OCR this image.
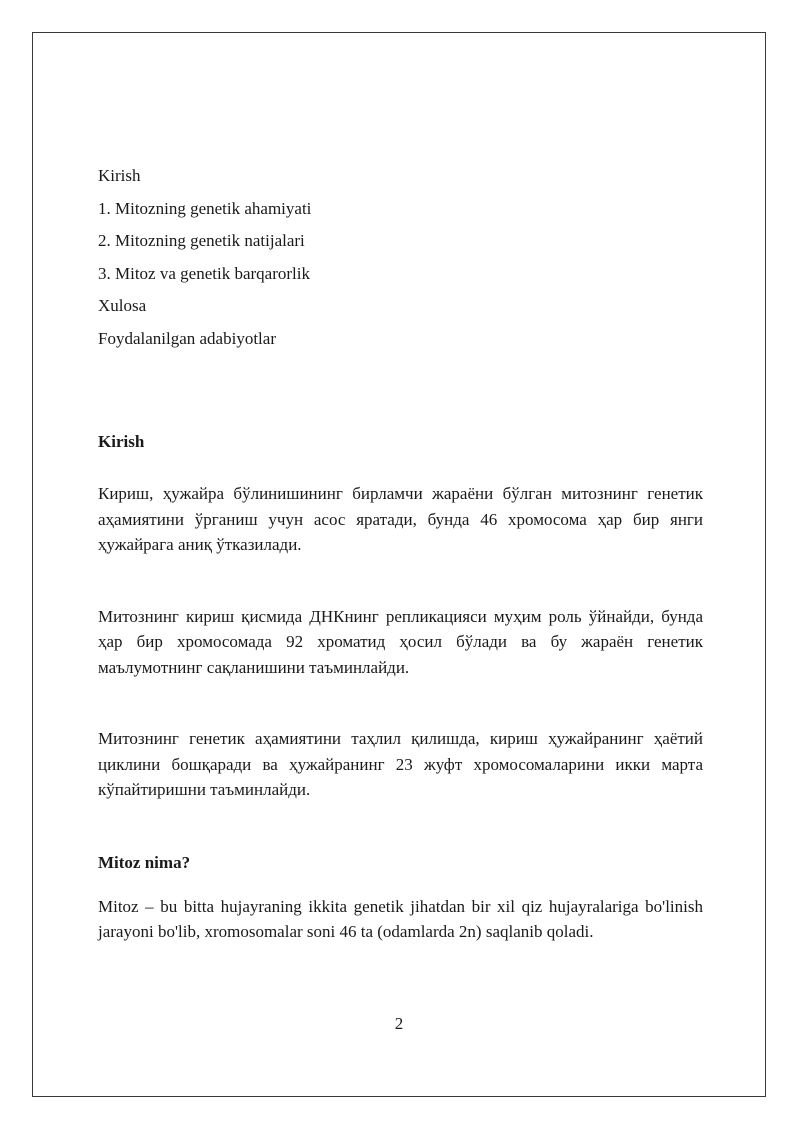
Kirish

1. Mitozning genetik ahamiyati

2. Mitozning genetik natijalari

3. Mitoz va genetik barqarorlik

Xulosa

Foydalanilgan adabiyotlar

Kirish

Кириш, ҳужайра бўлинишининг бирламчи жараёни бўлган митознинг генетик аҳамиятини ўрганиш учун асос яратади, бунда 46 хромосома ҳар бир янги ҳужайрага аниқ ўтказилади.

Митознинг кириш қисмида ДНКнинг репликацияси муҳим роль ўйнайди, бунда ҳар бир хромосомада 92 хроматид ҳосил бўлади ва бу жараён генетик маълумотнинг сақланишини таъминлайди.

Митознинг генетик аҳамиятини таҳлил қилишда, кириш ҳужайранинг ҳаётий циклини бошқаради ва ҳужайранинг 23 жуфт хромосомаларини икки марта кўпайтиришни таъминлайди.

Mitoz nima?

Mitoz – bu bitta hujayraning ikkita genetik jihatdan bir xil qiz hujayralariga bo'linish jarayoni bo'lib, xromosomalar soni 46 ta (odamlarda 2n) saqlanib qoladi.

2
